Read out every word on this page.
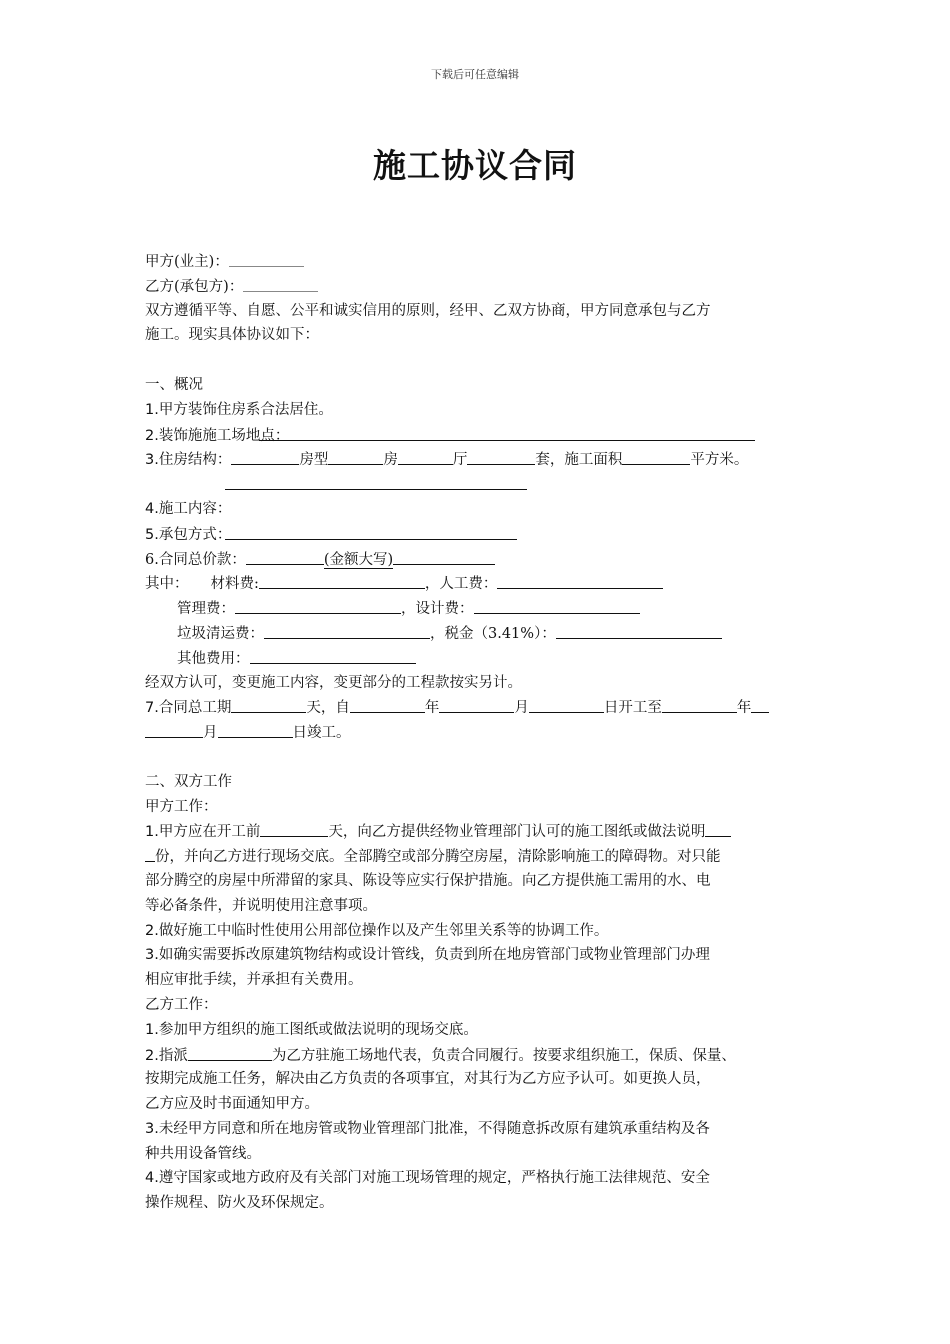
下载后可任意编辑
施工协议合同
甲方(业主)：
乙方(承包方)：
双方遵循平等、自愿、公平和诚实信用的原则，经甲、乙双方协商，甲方同意承包与乙方
施工。现实具体协议如下：
一、概况
1.甲方装饰住房系合法居住。
2.装饰施施工场地点：
3.住房结构：	房型	房	厅	套，施工面积	平方米。
4.施工内容：
5.承包方式：
6.合同总价款：	(金额大写)
其中： 材料费:	，人工费：
管理费：	，设计费：
垃圾清运费：	，税金（3.41%）：
其他费用：
经双方认可，变更施工内容，变更部分的工程款按实另计。
7.合同总工期	天，自	年	月	日开工至	年
月	日竣工。
二、双方工作
甲方工作：
1.甲方应在开工前	天，向乙方提供经物业管理部门认可的施工图纸或做法说明
份，并向乙方进行现场交底。全部腾空或部分腾空房屋，清除影响施工的障碍物。对只能
部分腾空的房屋中所滞留的家具、陈设等应实行保护措施。向乙方提供施工需用的水、电
等必备条件，并说明使用注意事项。
2.做好施工中临时性使用公用部位操作以及产生邻里关系等的协调工作。
3.如确实需要拆改原建筑物结构或设计管线，负责到所在地房管部门或物业管理部门办理
相应审批手续，并承担有关费用。
乙方工作：
1.参加甲方组织的施工图纸或做法说明的现场交底。
2.指派	为乙方驻施工场地代表，负责合同履行。按要求组织施工，保质、保量、
按期完成施工任务，解决由乙方负责的各项事宜，对其行为乙方应予认可。如更换人员，
乙方应及时书面通知甲方。
3.未经甲方同意和所在地房管或物业管理部门批准，不得随意拆改原有建筑承重结构及各
种共用设备管线。
4.遵守国家或地方政府及有关部门对施工现场管理的规定，严格执行施工法律规范、安全
操作规程、防火及环保规定。
